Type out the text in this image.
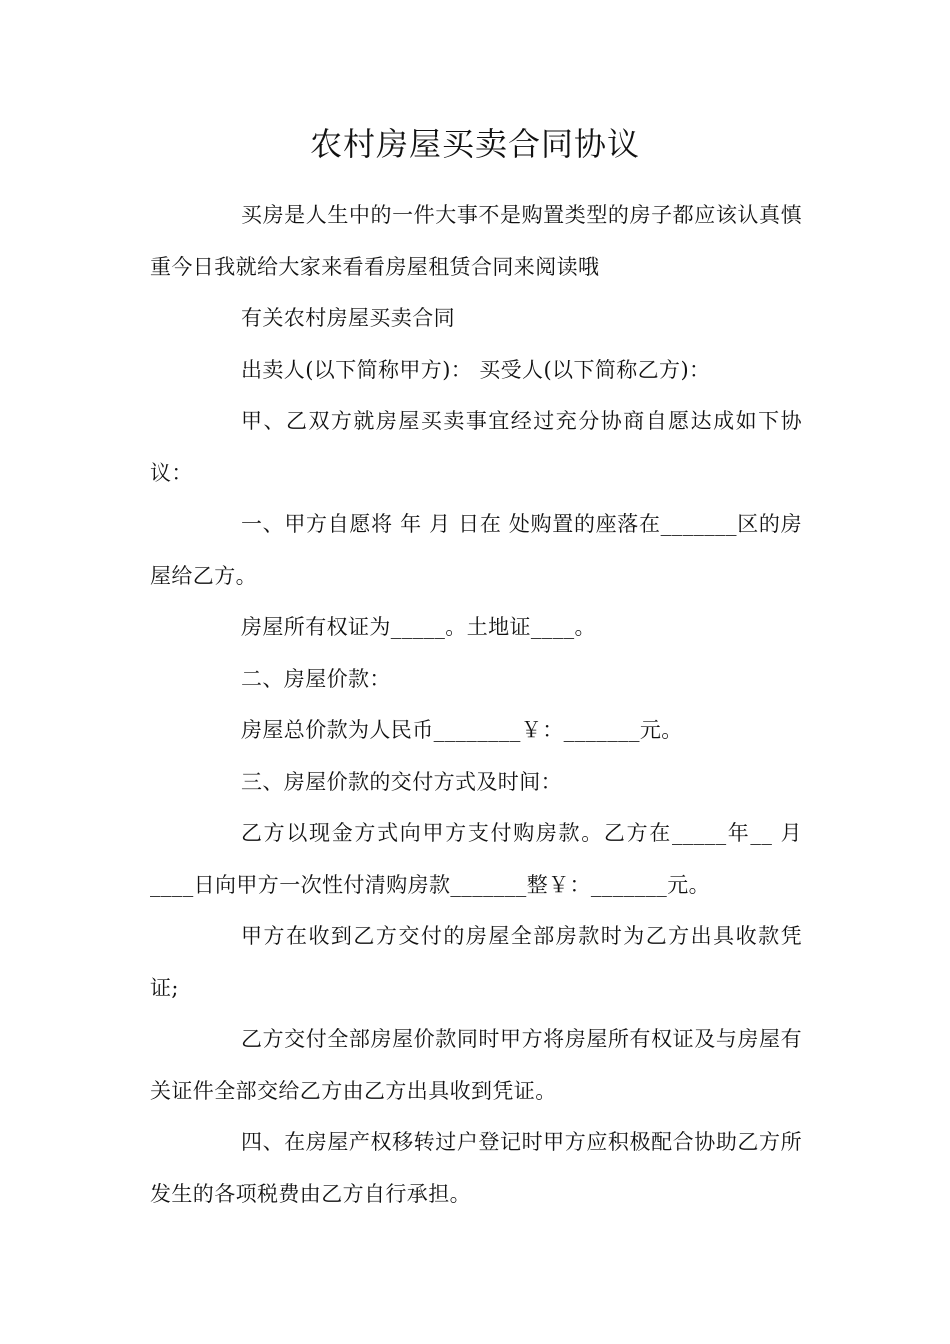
农村房屋买卖合同协议

买房是人生中的一件大事不是购置类型的房子都应该认真慎重今日我就给大家来看看房屋租赁合同来阅读哦

有关农村房屋买卖合同

出卖人(以下简称甲方)： 买受人(以下简称乙方)：

甲、乙双方就房屋买卖事宜经过充分协商自愿达成如下协议：

一、甲方自愿将 年 月 日在 处购置的座落在_______区的房屋给乙方。

房屋所有权证为_____。土地证____。

二、房屋价款：

房屋总价款为人民币________￥：_______元。

三、房屋价款的交付方式及时间：

乙方以现金方式向甲方支付购房款。乙方在_____年__ 月____日向甲方一次性付清购房款_______整￥：_______元。

甲方在收到乙方交付的房屋全部房款时为乙方出具收款凭证;

乙方交付全部房屋价款同时甲方将房屋所有权证及与房屋有关证件全部交给乙方由乙方出具收到凭证。

四、在房屋产权移转过户登记时甲方应积极配合协助乙方所发生的各项税费由乙方自行承担。
